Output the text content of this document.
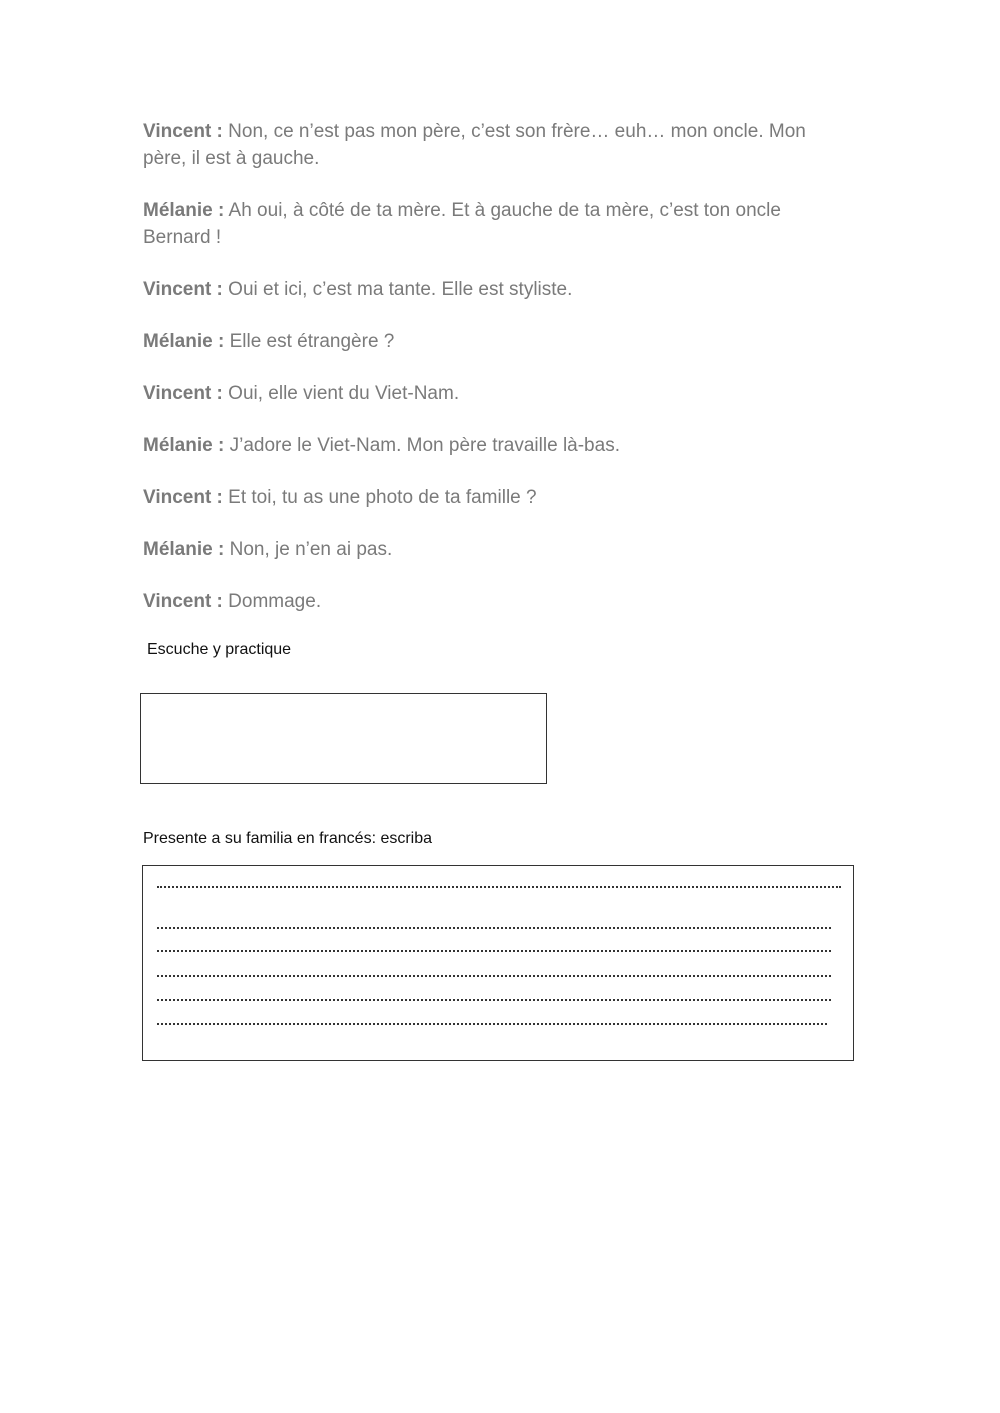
Vincent : Non, ce n’est pas mon père, c’est son frère… euh… mon oncle. Mon père, il est à gauche.

Mélanie : Ah oui, à côté de ta mère. Et à gauche de ta mère, c’est ton oncle Bernard !

Vincent : Oui et ici, c’est ma tante. Elle est styliste.

Mélanie : Elle est étrangère ?

Vincent : Oui, elle vient du Viet-Nam.

Mélanie : J’adore le Viet-Nam. Mon père travaille là-bas.

Vincent : Et toi, tu as une photo de ta famille ?

Mélanie : Non, je n’en ai pas.

Vincent : Dommage.

Escuche y practique
Presente a su familia en francés: escriba
